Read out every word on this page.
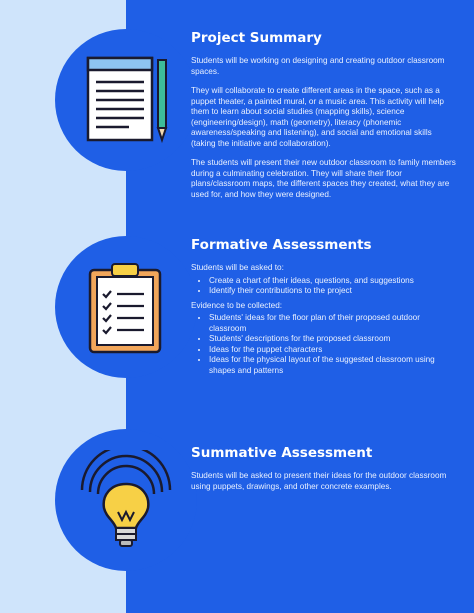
Project Summary

Students will be working on designing and creating outdoor classroom spaces.

They will collaborate to create different areas in the space, such as a puppet theater, a painted mural, or a music area. This activity will help them to learn about social studies (mapping skills), science (engineering/design), math (geometry), literacy (phonemic awareness/speaking and listening), and social and emotional skills (taking the initiative and collaboration).

The students will present their new outdoor classroom to family members during a culminating celebration. They will share their floor plans/classroom maps, the different spaces they created, what they are used for, and how they were designed.

Formative Assessments
Students will be asked to:
• Create a chart of their ideas, questions, and suggestions
• Identify their contributions to the project
Evidence to be collected:
• Students' ideas for the floor plan of their proposed outdoor classroom
• Students' descriptions for the proposed classroom
• Ideas for the puppet characters
• Ideas for the physical layout of the suggested classroom using shapes and patterns
Summative Assessment

Students will be asked to present their ideas for the outdoor classroom using puppets, drawings, and other concrete examples.
